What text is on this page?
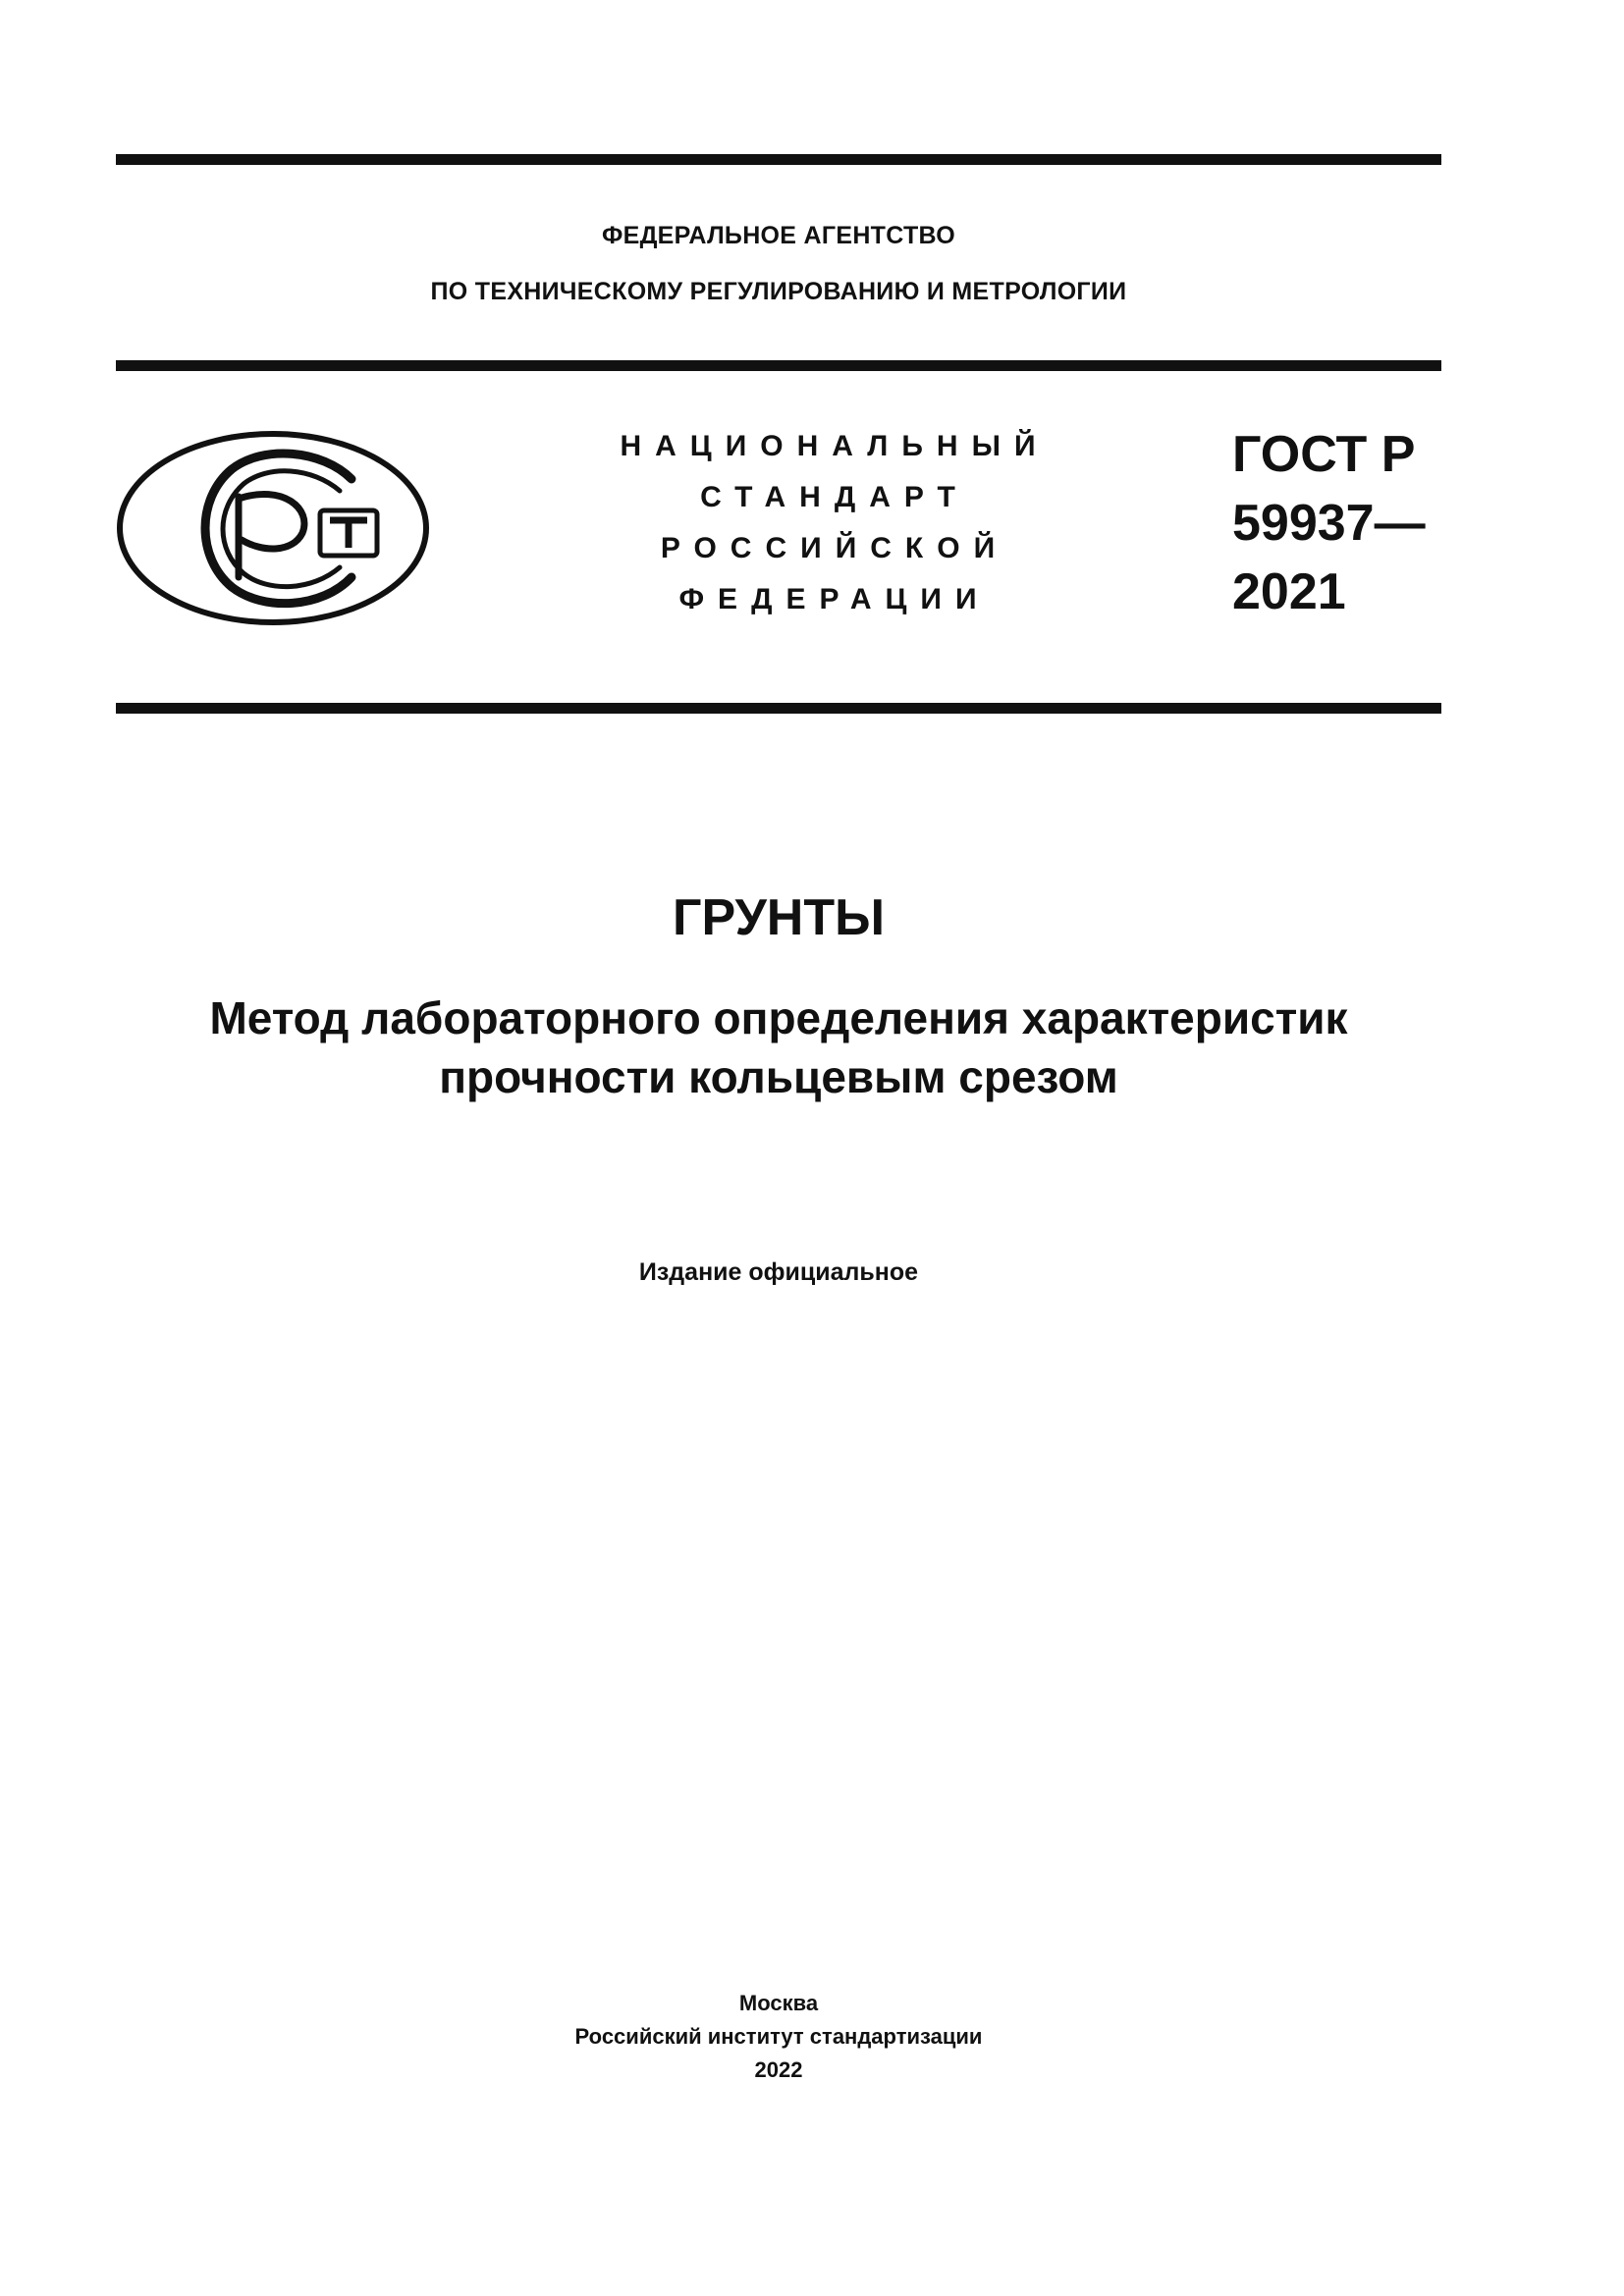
ФЕДЕРАЛЬНОЕ АГЕНТСТВО
ПО ТЕХНИЧЕСКОМУ РЕГУЛИРОВАНИЮ И МЕТРОЛОГИИ
НАЦИОНАЛЬНЫЙ
СТАНДАРТ
РОССИЙСКОЙ
ФЕДЕРАЦИИ
ГОСТ Р
59937—
2021
ГРУНТЫ
Метод лабораторного определения характеристик
прочности кольцевым срезом
Издание официальное
Москва
Российский институт стандартизации
2022
